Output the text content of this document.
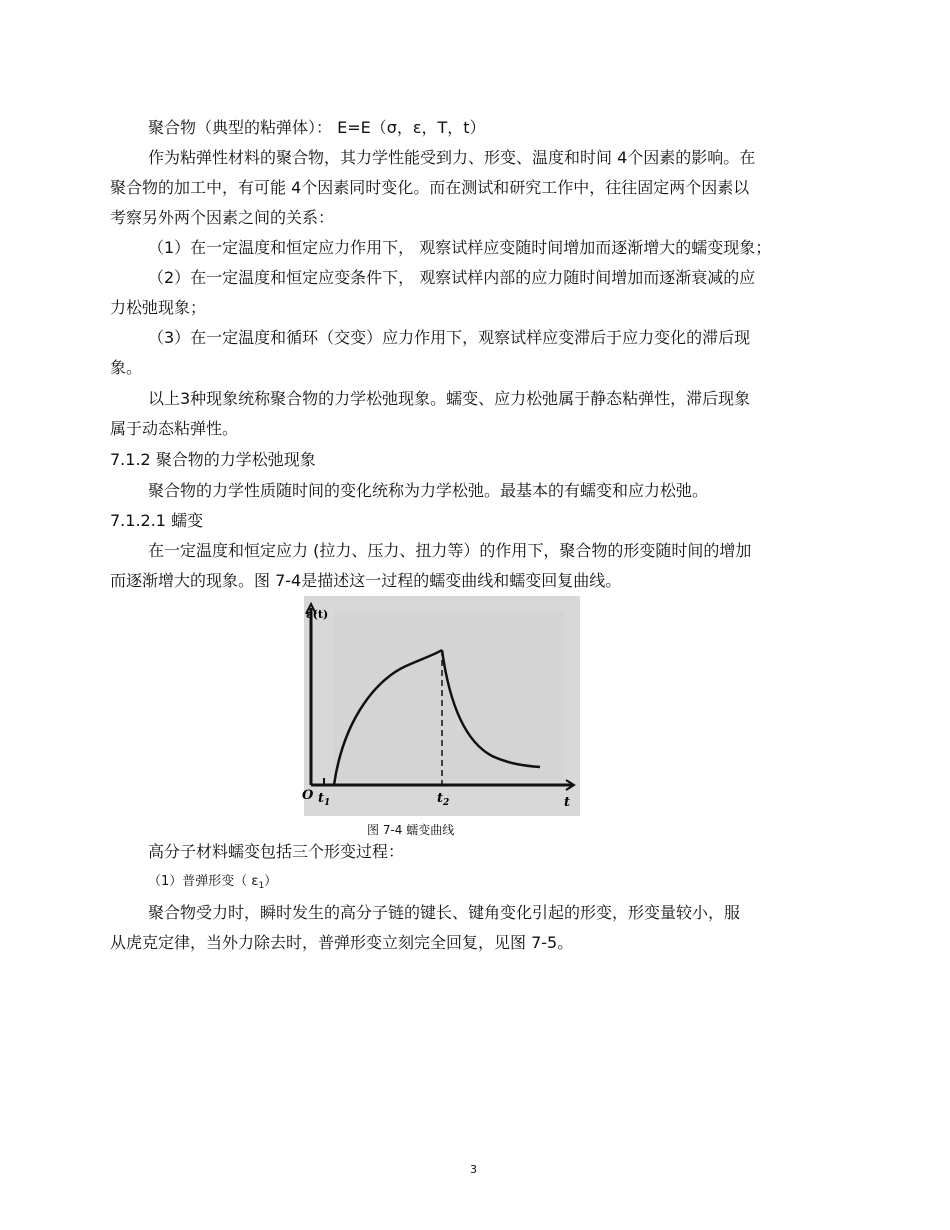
聚合物（典型的粘弹体）： E=E（σ，ε，T，t）
作为粘弹性材料的聚合物，其力学性能受到力、形变、温度和时间 4个因素的影响。在
聚合物的加工中，有可能 4个因素同时变化。而在测试和研究工作中，往往固定两个因素以
考察另外两个因素之间的关系：
（1）在一定温度和恒定应力作用下， 观察试样应变随时间增加而逐渐增大的蠕变现象；
（2）在一定温度和恒定应变条件下， 观察试样内部的应力随时间增加而逐渐衰减的应
力松弛现象；
（3）在一定温度和循环（交变）应力作用下，观察试样应变滞后于应力变化的滞后现
象。
以上3种现象统称聚合物的力学松弛现象。蠕变、应力松弛属于静态粘弹性，滞后现象
属于动态粘弹性。
7.1.2 聚合物的力学松弛现象
聚合物的力学性质随时间的变化统称为力学松弛。最基本的有蠕变和应力松弛。
7.1.2.1 蠕变
在一定温度和恒定应力 (拉力、压力、扭力等）的作用下，聚合物的形变随时间的增加
而逐渐增大的现象。图 7-4是描述这一过程的蠕变曲线和蠕变回复曲线。
ε(t)
O $t_1$	$t_2$	t
图 7-4 蠕变曲线
高分子材料蠕变包括三个形变过程：
（1）普弹形变（ $\varepsilon_1$）
聚合物受力时，瞬时发生的高分子链的键长、键角变化引起的形变，形变量较小，服
从虎克定律，当外力除去时，普弹形变立刻完全回复，见图 7-5。
3
